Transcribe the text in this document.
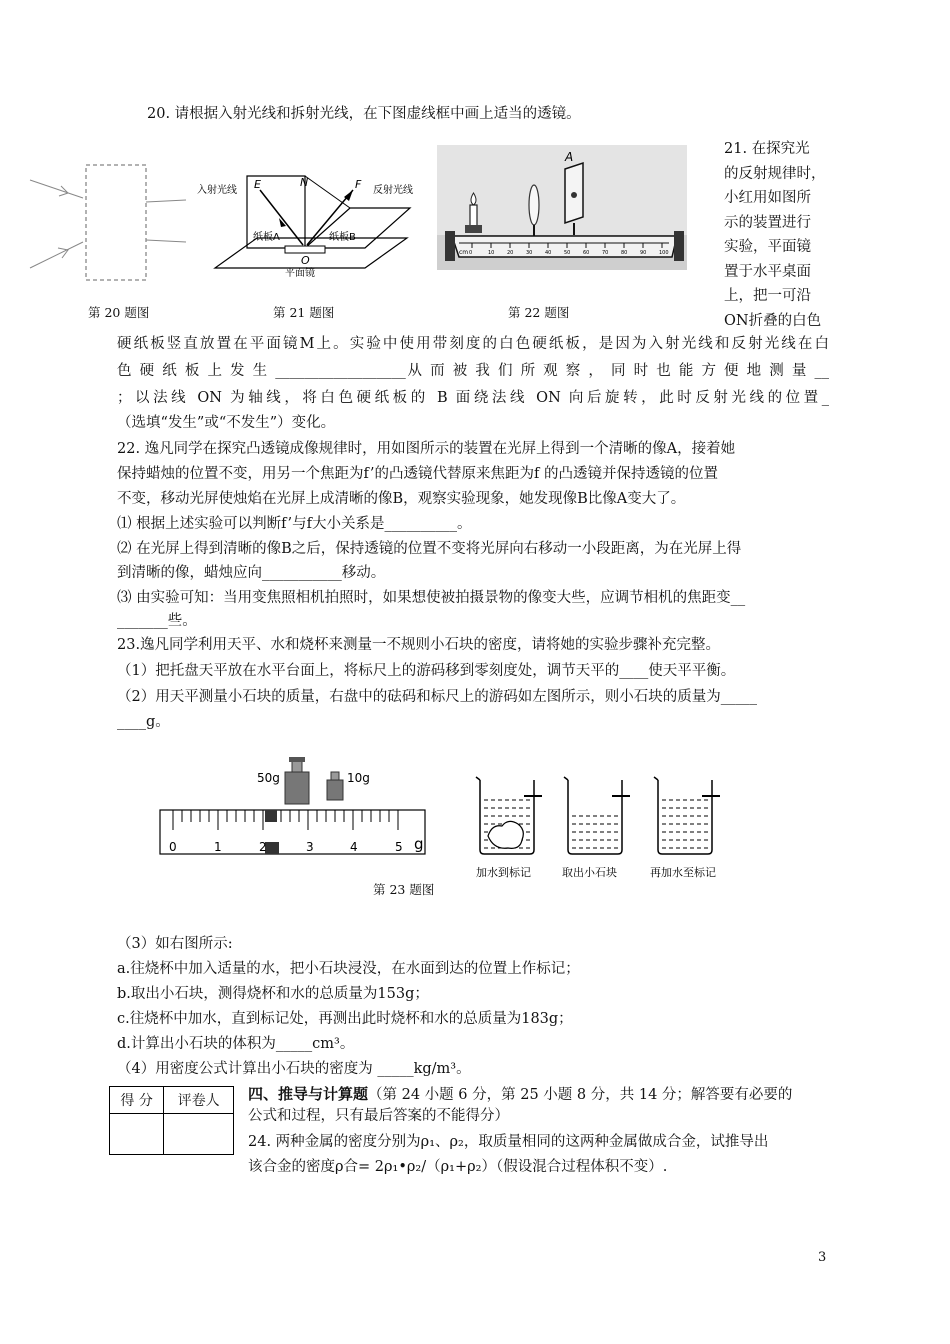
20. 请根据入射光线和拆射光线，在下图虚线框中画上适当的透镜。
21. 在探究光
的反射规律时，
小红用如图所
示的装置进行
实验，平面镜
置于水平桌面
上，把一可沿
ON折叠的白色
入射光线	反射光线
E	N	F
纸板A	纸板B
O
平面镜
A
0	10	20	30	40	50	60	70	80	90	100
cm
第 20 题图	第 21 题图	第 22 题图
硬纸板竖直放置在平面镜M上。实验中使用带刻度的白色硬纸板，是因为入射光线和反射光线在白
色 硬 纸 板 上 发 生 __________________从 而 被 我 们 所 观 察 ， 同 时 也 能 方 便 地 测 量 __
；以法线 ON 为轴线，将白色硬纸板的 B 面绕法线 ON 向后旋转，此时反射光线的位置_
（选填“发生”或“不发生”）变化。
22. 逸凡同学在探究凸透镜成像规律时，用如图所示的装置在光屏上得到一个清晰的像A，接着她
保持蜡烛的位置不变，用另一个焦距为f’的凸透镜代替原来焦距为f 的凸透镜并保持透镜的位置
不变，移动光屏使烛焰在光屏上成清晰的像B，观察实验现象，她发现像B比像A变大了。
⑴ 根据上述实验可以判断f’与f大小关系是__________。
⑵ 在光屏上得到清晰的像B之后，保持透镜的位置不变将光屏向右移动一小段距离，为在光屏上得
到清晰的像，蜡烛应向___________移动。
⑶ 由实验可知：当用变焦照相机拍照时，如果想使被拍摄景物的像变大些，应调节相机的焦距变__
_______些。
23.逸凡同学利用天平、水和烧杯来测量一不规则小石块的密度，请将她的实验步骤补充完整。
（1）把托盘天平放在水平台面上，将标尺上的游码移到零刻度处，调节天平的____使天平平衡。
（2）用天平测量小石块的质量，右盘中的砝码和标尺上的游码如左图所示，则小石块的质量为_____
____g。
50g	10g
0	1	2	3	4	5 g
加水到标记	取出小石块	再加水至标记
第 23 题图
（3）如右图所示:
a.往烧杯中加入适量的水，把小石块浸没，在水面到达的位置上作标记；
b.取出小石块，测得烧杯和水的总质量为153g；
c.往烧杯中加水，直到标记处，再测出此时烧杯和水的总质量为183g；
d.计算出小石块的体积为_____cm³。
（4）用密度公式计算出小石块的密度为 _____kg/m³。
得 分	评卷人
	四、推导与计算题（第 24 小题 6 分，第 25 小题 8 分，共 14 分；解答要有必要的
公式和过程，只有最后答案的不能得分）
24. 两种金属的密度分别为ρ₁、ρ₂，取质量相同的这两种金属做成合金，试推导出
该合金的密度ρ合= 2ρ₁•ρ₂/（ρ₁+ρ₂）（假设混合过程体积不变）.
3
